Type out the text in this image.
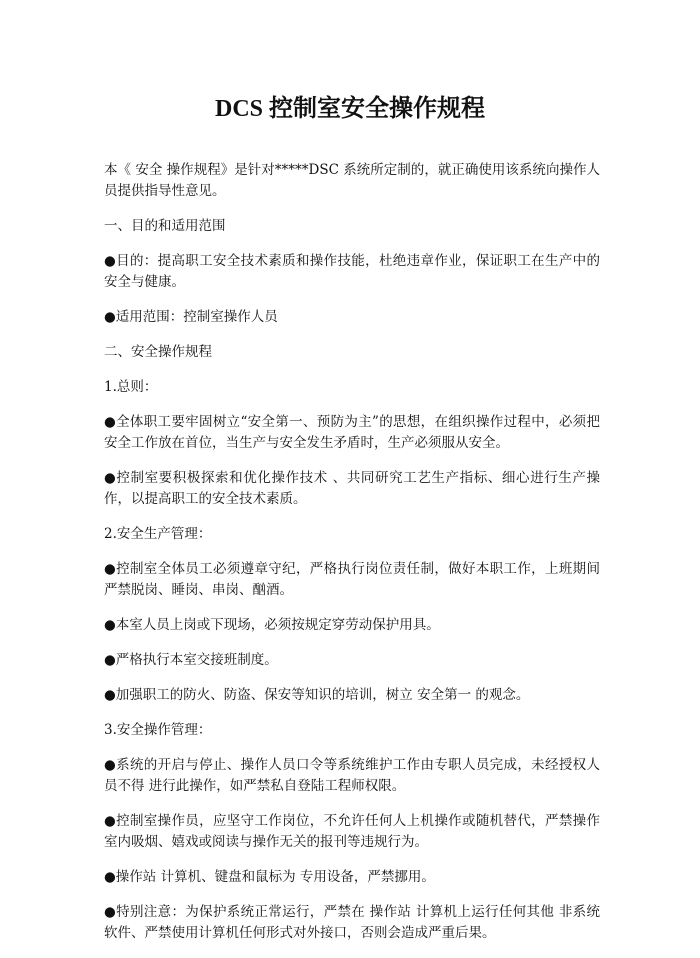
DCS 控制室安全操作规程

本《 安全 操作规程》是针对*****DSC 系统所定制的，就正确使用该系统向操作人员提供指导性意见。

一、目的和适用范围

●目的：提高职工安全技术素质和操作技能，杜绝违章作业，保证职工在生产中的安全与健康。

●适用范围：控制室操作人员

二、安全操作规程

1.总则：

●全体职工要牢固树立“安全第一、预防为主”的思想，在组织操作过程中，必须把安全工作放在首位，当生产与安全发生矛盾时，生产必须服从安全。

●控制室要积极探索和优化操作技术 、共同研究工艺生产指标、细心进行生产操作，以提高职工的安全技术素质。

2.安全生产管理：

●控制室全体员工必须遵章守纪，严格执行岗位责任制，做好本职工作，上班期间严禁脱岗、睡岗、串岗、酗酒。

●本室人员上岗或下现场，必须按规定穿劳动保护用具。

●严格执行本室交接班制度。

●加强职工的防火、防盗、保安等知识的培训，树立 安全第一 的观念。

3.安全操作管理：

●系统的开启与停止、操作人员口令等系统维护工作由专职人员完成，未经授权人员不得 进行此操作，如严禁私自登陆工程师权限。

●控制室操作员，应坚守工作岗位，不允许任何人上机操作或随机替代，严禁操作室内吸烟、嬉戏或阅读与操作无关的报刊等违规行为。

●操作站 计算机、键盘和鼠标为 专用设备，严禁挪用。

●特别注意：为保护系统正常运行，严禁在 操作站 计算机上运行任何其他 非系统软件、严禁使用计算机任何形式对外接口，否则会造成严重后果。
